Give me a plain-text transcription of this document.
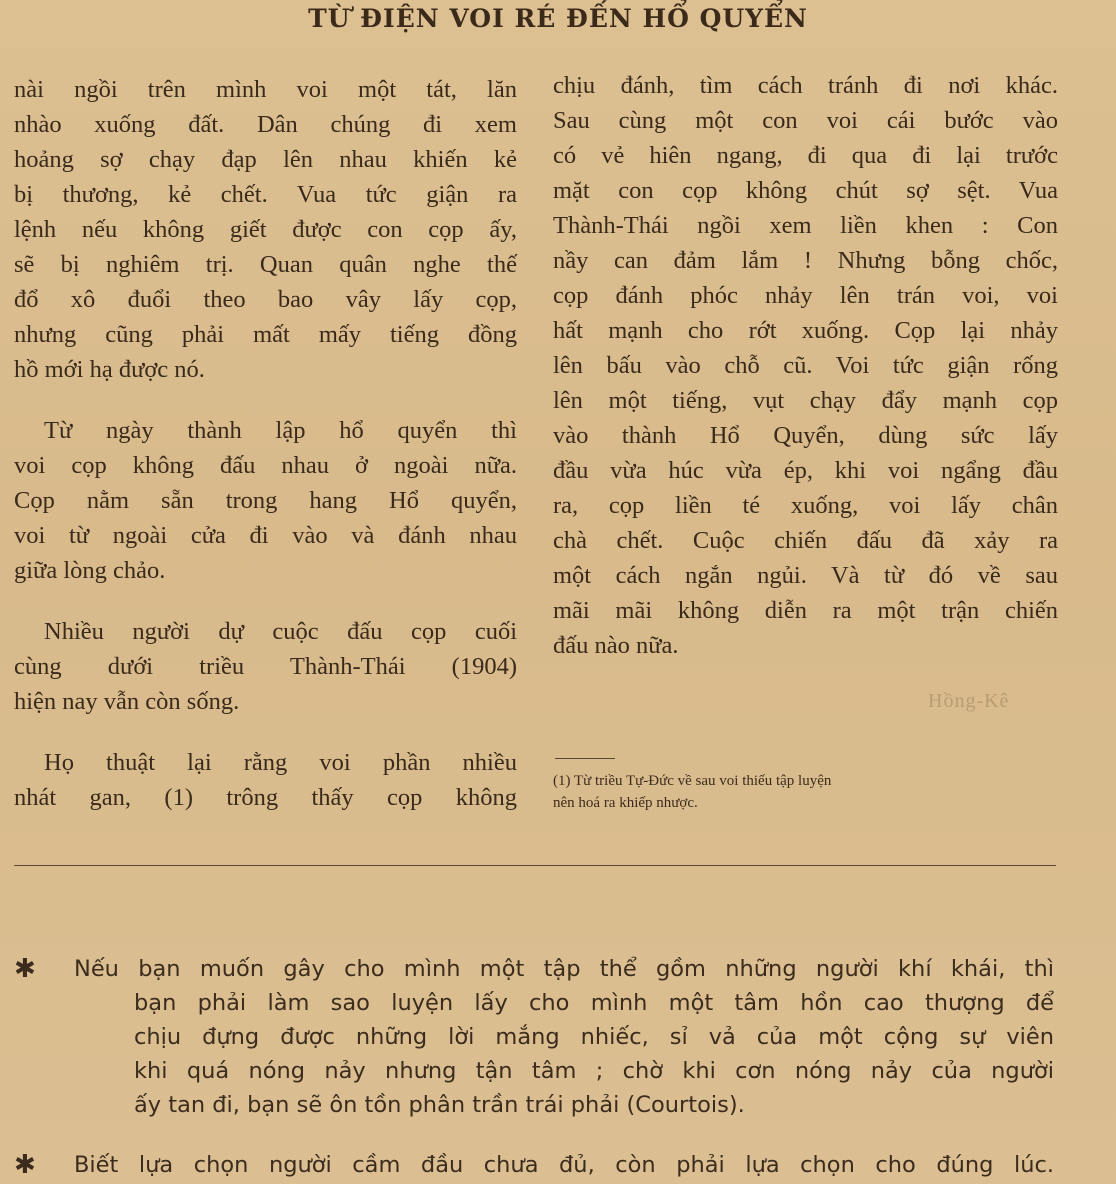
TỪ ĐIỆN VOI RÉ ĐẾN HỔ QUYỂN

nài ngồi trên mình voi một tát, lăn
nhào xuống đất. Dân chúng đi xem
hoảng sợ chạy đạp lên nhau khiến kẻ
bị thương, kẻ chết. Vua tức giận ra
lệnh nếu không giết được con cọp ấy,
sẽ bị nghiêm trị. Quan quân nghe thế
đổ xô đuổi theo bao vây lấy cọp,
nhưng cũng phải mất mấy tiếng đồng
hồ mới hạ được nó.

Từ ngày thành lập hổ quyển thì
voi cọp không đấu nhau ở ngoài nữa.
Cọp nằm sẵn trong hang Hổ quyển,
voi từ ngoài cửa đi vào và đánh nhau
giữa lòng chảo.

Nhiều người dự cuộc đấu cọp cuối
cùng dưới triều Thành-Thái (1904)
hiện nay vẫn còn sống.

Họ thuật lại rằng voi phần nhiều
nhát gan, (1) trông thấy cọp không

chịu đánh, tìm cách tránh đi nơi khác.
Sau cùng một con voi cái bước vào
có vẻ hiên ngang, đi qua đi lại trước
mặt con cọp không chút sợ sệt. Vua
Thành-Thái ngồi xem liền khen : Con
nầy can đảm lắm ! Nhưng bỗng chốc,
cọp đánh phóc nhảy lên trán voi, voi
hất mạnh cho rớt xuống. Cọp lại nhảy
lên bấu vào chỗ cũ. Voi tức giận rống
lên một tiếng, vụt chạy đẩy mạnh cọp
vào thành Hổ Quyển, dùng sức lấy
đầu vừa húc vừa ép, khi voi ngẩng đầu
ra, cọp liền té xuống, voi lấy chân
chà chết. Cuộc chiến đấu đã xảy ra
một cách ngắn ngủi. Và từ đó về sau
mãi mãi không diễn ra một trận chiến
đấu nào nữa.

Hồng-Kê
(1) Từ triều Tự-Đức về sau voi thiếu tập luyện
nên hoá ra khiếp nhược.
✱ Nếu bạn muốn gây cho mình một tập thể gồm những người khí khái, thì
bạn phải làm sao luyện lấy cho mình một tâm hồn cao thượng để
chịu đựng được những lời mắng nhiếc, sỉ vả của một cộng sự viên
khi quá nóng nảy nhưng tận tâm ; chờ khi cơn nóng nảy của người
ấy tan đi, bạn sẽ ôn tồn phân trần trái phải (Courtois).
✱ Biết lựa chọn người cầm đầu chưa đủ, còn phải lựa chọn cho đúng lúc.
